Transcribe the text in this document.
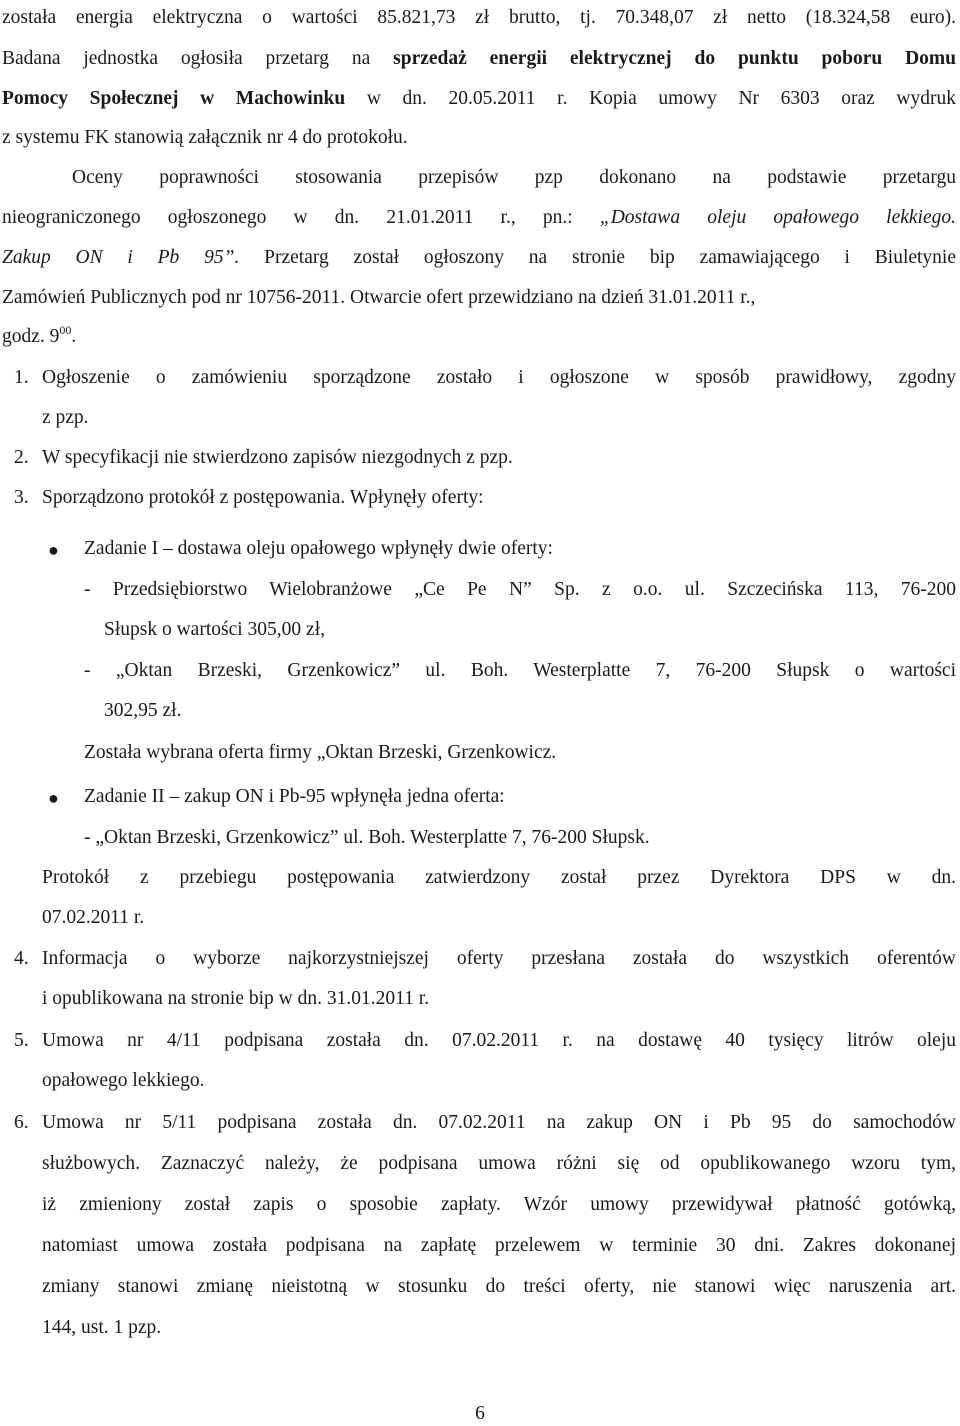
została energia elektryczna o wartości 85.821,73 zł brutto, tj. 70.348,07 zł netto (18.324,58 euro).
Badana jednostka ogłosiła przetarg na sprzedaż energii elektrycznej do punktu poboru Domu
Pomocy Społecznej w Machowinku w dn. 20.05.2011 r. Kopia umowy Nr 6303 oraz wydruk
z systemu FK stanowią załącznik nr 4 do protokołu.
Oceny poprawności stosowania przepisów pzp dokonano na podstawie przetargu
nieograniczonego ogłoszonego w dn. 21.01.2011 r., pn.: „Dostawa oleju opałowego lekkiego.
Zakup ON i Pb 95”. Przetarg został ogłoszony na stronie bip zamawiającego i Biuletynie
Zamówień Publicznych pod nr 10756-2011. Otwarcie ofert przewidziano na dzień 31.01.2011 r.,
godz. $9^{00}$.
1. Ogłoszenie o zamówieniu sporządzone zostało i ogłoszone w sposób prawidłowy, zgodny
z pzp.
2. W specyfikacji nie stwierdzono zapisów niezgodnych z pzp.
3. Sporządzono protokół z postępowania. Wpłynęły oferty:
● Zadanie I – dostawa oleju opałowego wpłynęły dwie oferty:
- Przedsiębiorstwo Wielobranżowe „Ce Pe N” Sp. z o.o. ul. Szczecińska 113, 76-200
Słupsk o wartości 305,00 zł,
- „Oktan Brzeski, Grzenkowicz” ul. Boh. Westerplatte 7, 76-200 Słupsk o wartości
302,95 zł.
Została wybrana oferta firmy „Oktan Brzeski, Grzenkowicz.
● Zadanie II – zakup ON i Pb-95 wpłynęła jedna oferta:
- „Oktan Brzeski, Grzenkowicz” ul. Boh. Westerplatte 7, 76-200 Słupsk.
Protokół z przebiegu postępowania zatwierdzony został przez Dyrektora DPS w dn.
07.02.2011 r.
4. Informacja o wyborze najkorzystniejszej oferty przesłana została do wszystkich oferentów
i opublikowana na stronie bip w dn. 31.01.2011 r.
5. Umowa nr 4/11 podpisana została dn. 07.02.2011 r. na dostawę 40 tysięcy litrów oleju
opałowego lekkiego.
6. Umowa nr 5/11 podpisana została dn. 07.02.2011 na zakup ON i Pb 95 do samochodów
służbowych. Zaznaczyć należy, że podpisana umowa różni się od opublikowanego wzoru tym,
iż zmieniony został zapis o sposobie zapłaty. Wzór umowy przewidywał płatność gotówką,
natomiast umowa została podpisana na zapłatę przelewem w terminie 30 dni. Zakres dokonanej
zmiany stanowi zmianę nieistotną w stosunku do treści oferty, nie stanowi więc naruszenia art.
144, ust. 1 pzp.
6
